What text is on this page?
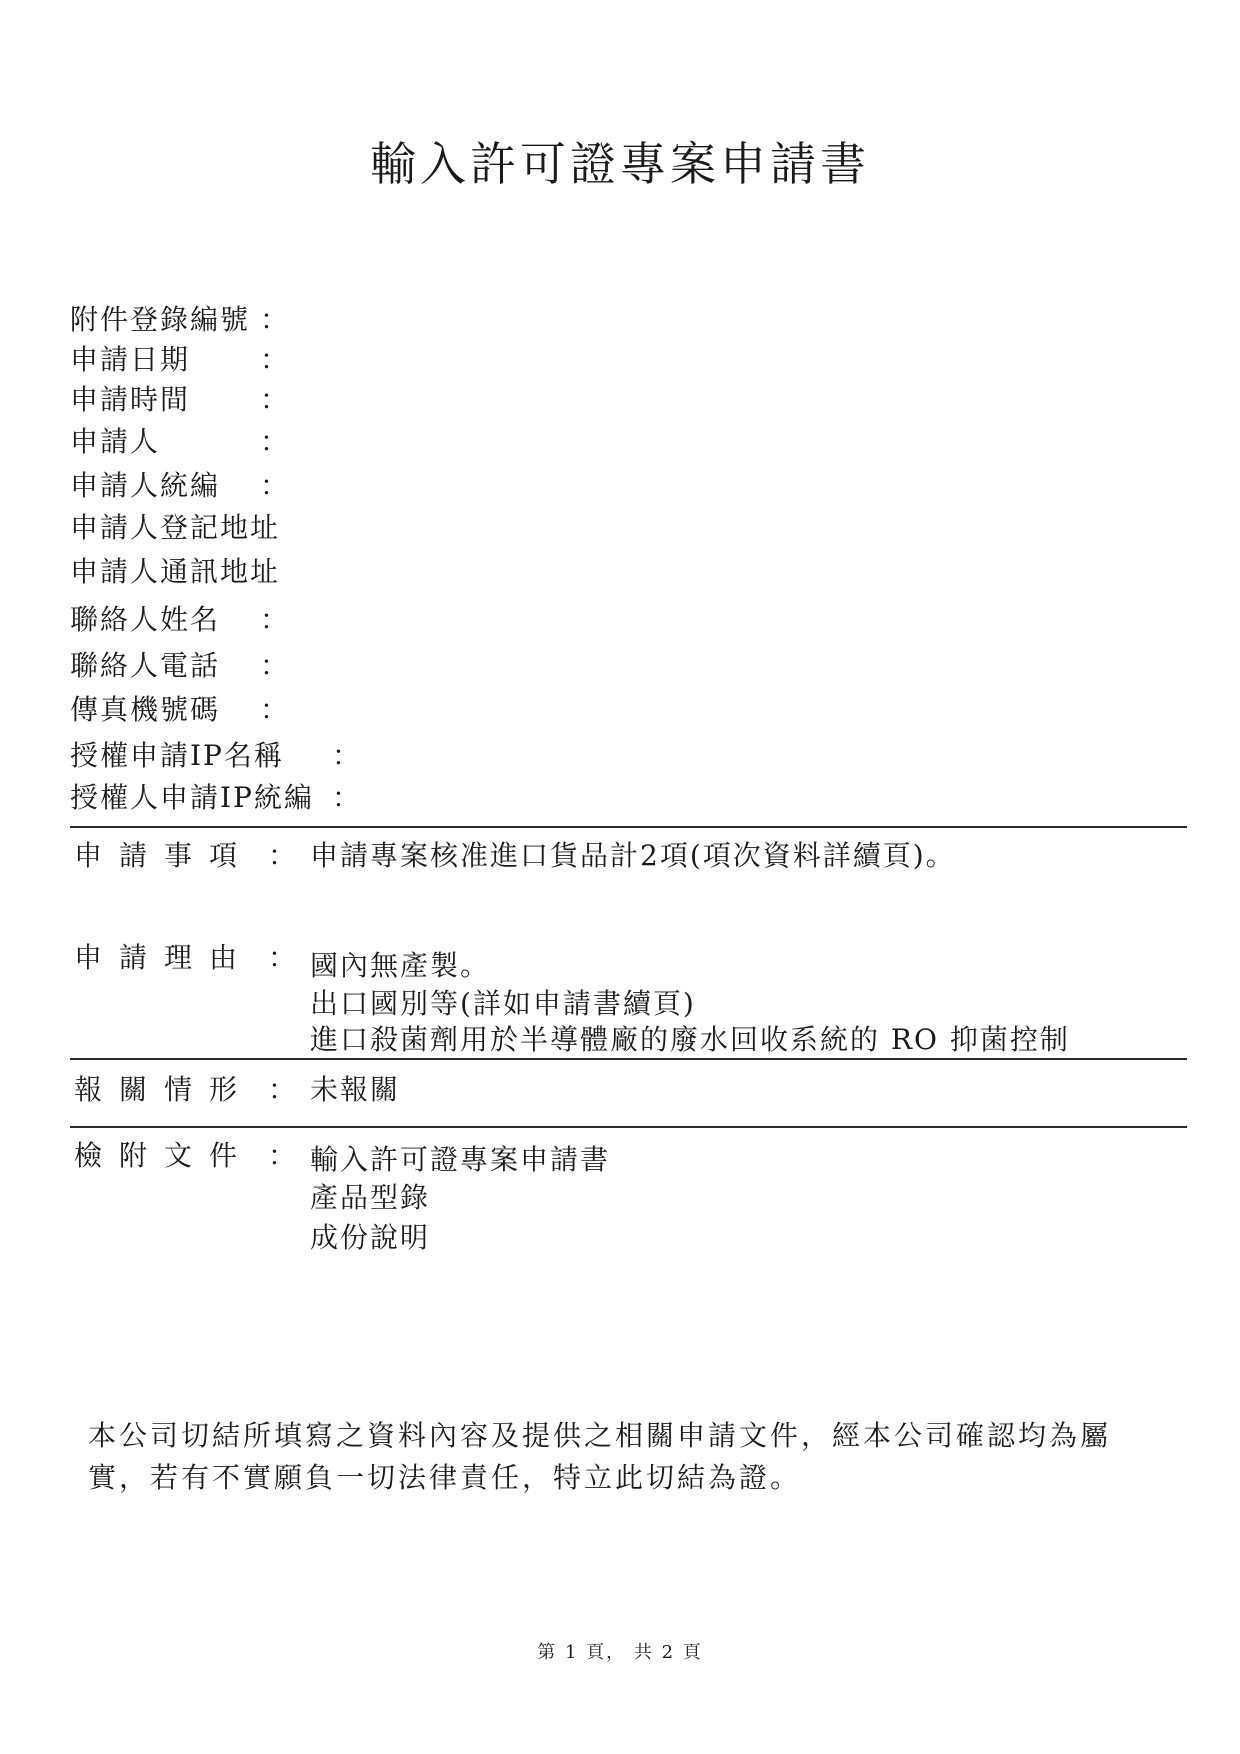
輸入許可證專案申請書
附件登錄編號 ：
申請日期 ：
申請時間 ：
申請人	：
申請人統編 ：
申請人登記地址
申請人通訊地址
聯絡人姓名 ：
聯絡人電話 ：
傳真機號碼 ：
授權申請IP名稱 ：
授權人申請IP統編 ：
申請事項 ： 申請專案核准進口貨品計2項(項次資料詳續頁)。
申請理由 ： 國內無產製。
出口國別等(詳如申請書續頁)
進口殺菌劑用於半導體廠的廢水回收系統的 RO 抑菌控制
報關情形 ： 未報關
檢附文件 ： 輸入許可證專案申請書
產品型錄
成份說明
本公司切結所填寫之資料內容及提供之相關申請文件，經本公司確認均為屬
實，若有不實願負一切法律責任，特立此切結為證。
第 1 頁， 共 2 頁
